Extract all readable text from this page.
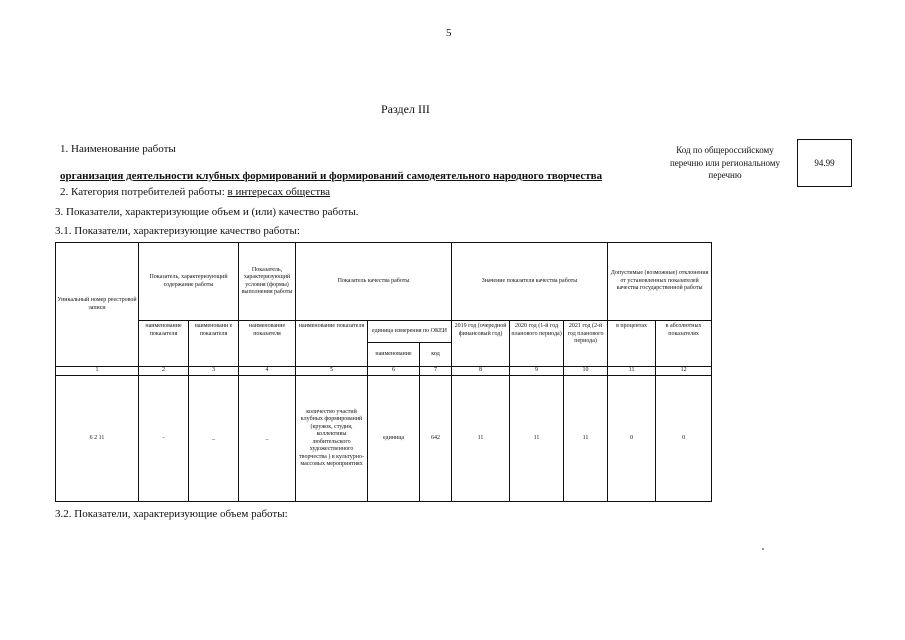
5
Раздел III
1. Наименование работы
организация деятельности клубных формирований и формирований самодеятельного народного творчества
Код по общероссийскому
перечню или региональному
перечню
94.99
2. Категория потребителей работы: в интересах общества
3. Показатели, характеризующие объем и (или) качество работы.
3.1. Показатели, характеризующие качество работы:
Уникальный номер реестровой записи	Показатель, характеризующий содержание работы		Показатель, характеризующий условия (формы) выполнения работы	Показатель качества работы			Значение показателя качества работы			Допустимые (возможные) отклонения от установленных показателей качества государственной работы	
	наименование показателя	наименовани е показателя	наименование показателя	наименование показателя	единица измерения по ОКЕИ		2019 год (очередной финансовый год)	2020 год (1-й год планового периода)	2021 год (2-й год планового периода)	в процентах	в абсолютных показателях
					наименование	код					
1	2	3	4	5	6	7	8	9	10	11	12
6 2 11	-	_	_	количество участий клубных формирований (кружок, студия, коллективы любительского художественного творчества ) в культурно-массовых мероприятиях	единица	642	11	11	11	0	0
3.2. Показатели, характеризующие объем работы:
